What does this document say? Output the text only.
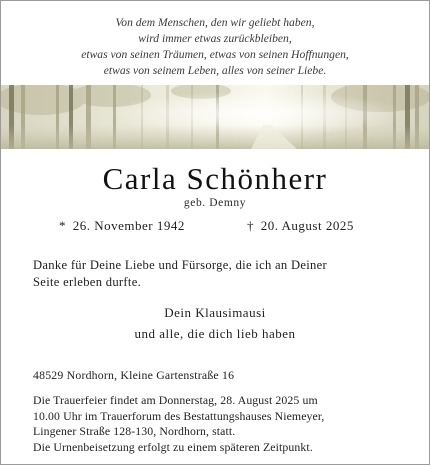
Von dem Menschen, den wir geliebt haben,
wird immer etwas zurückbleiben,
etwas von seinen Träumen, etwas von seinen Hoffnungen,
etwas von seinem Leben, alles von seiner Liebe.
Carla Schönherr
geb. Demny
* 26. November 1942	† 20. August 2025
Danke für Deine Liebe und Fürsorge, die ich an Deiner
Seite erleben durfte.
Dein Klausimausi
und alle, die dich lieb haben
48529 Nordhorn, Kleine Gartenstraße 16
Die Trauerfeier findet am Donnerstag, 28. August 2025 um
10.00 Uhr im Trauerforum des Bestattungshauses Niemeyer,
Lingener Straße 128-130, Nordhorn, statt.
Die Urnenbeisetzung erfolgt zu einem späteren Zeitpunkt.
